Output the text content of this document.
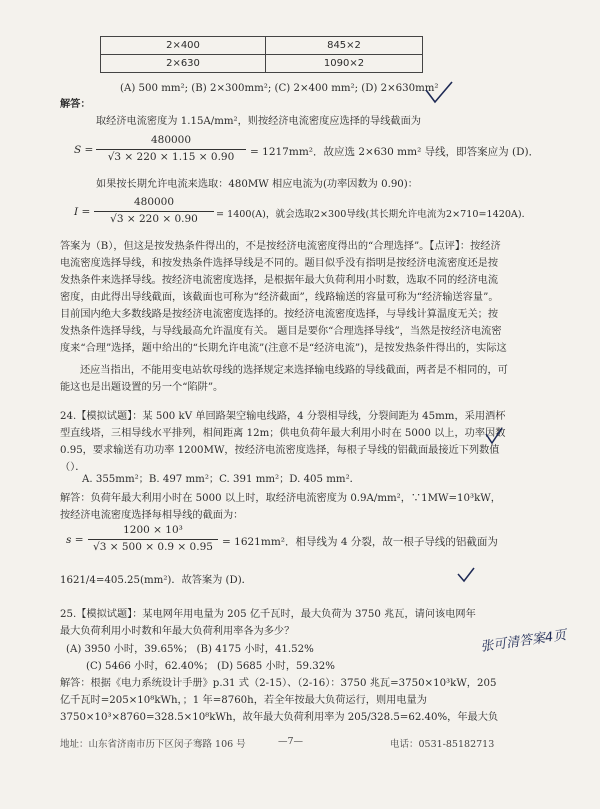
2×400	845×2
2×630	1090×2
(A) 500 mm²; (B) 2×300mm²; (C) 2×400 mm²; (D) 2×630mm²
解答：
取经济电流密度为 1.15A/mm²，则按经济电流密度应选择的导线截面为
S =
480000
√3 × 220 × 1.15 × 0.90	= 1217mm²．故应选 2×630 mm² 导线，即答案应为 (D)．
如果按长期允许电流来选取：480MW 相应电流为(功率因数为 0.90)：
I =
480000
√3 × 220 × 0.90	= 1400(A)，就会选取2×300导线(其长期允许电流为2×710=1420A)．
答案为（B），但这是按发热条件得出的，不是按经济电流密度得出的“合理选择”。【点评】：按经济电流密度选择导线，和按发热条件选择导线是不同的。题目似乎没有指明是按经济电流密度还是按发热条件来选择导线。按经济电流密度选择，是根据年最大负荷利用小时数，选取不同的经济电流密度，由此得出导线截面，该截面也可称为“经济截面”，线路输送的容量可称为“经济输送容量”。目前国内绝大多数线路是按经济电流密度选择的。按经济电流密度选择，与导线计算温度无关；按发热条件选择导线，与导线最高允许温度有关。 题目是要你“合理选择导线”，当然是按经济电流密度来“合理”选择，题中给出的“长期允许电流”(注意不是“经济电流”)，是按发热条件得出的，实际这
还应当指出，不能用变电站软母线的选择规定来选择输电线路的导线截面，两者是不相同的，可能这也是出题设置的另一个“陷阱”。
24.【模拟试题】：某 500 kV 单回路架空输电线路，4 分裂相导线，分裂间距为 45mm，采用酒杯型直线塔，三相导线水平排列，相间距离 12m；供电负荷年最大利用小时在 5000 以上，功率因数 0.95，要求输送有功功率 1200MW，按经济电流密度选择，每根子导线的铝截面最接近下列数值（）．
A. 355mm²；B. 497 mm²；C. 391 mm²；D. 405 mm²．
解答：负荷年最大利用小时在 5000 以上时，取经济电流密度为 0.9A/mm²，∵1MW=10³kW，按经济电流密度选择每相导线的截面为：
s =
1200 × 10³
√3 × 500 × 0.9 × 0.95 = 1621mm²．相导线为 4 分裂，故一根子导线的铝截面为
1621/4=405.25(mm²)．故答案为 (D)．
25.【模拟试题】：某电网年用电量为 205 亿千瓦时，最大负荷为 3750 兆瓦，请问该电网年最大负荷利用小时数和年最大负荷利用率各为多少？
(A) 3950 小时，39.65%； (B) 4175 小时，41.52%
(C) 5466 小时，62.40%； (D) 5685 小时，59.32%
张可清答案4页
解答：根据《电力系统设计手册》p.31 式（2-15）、（2-16）：3750 兆瓦=3750×10³kW，205 亿千瓦时=205×10⁸kWh，；1 年=8760h，若全年按最大负荷运行，则用电量为 3750×10³×8760=328.5×10⁸kWh，故年最大负荷利用率为 205/328.5=62.40%，年最大负
地址：山东省济南市历下区闵子骞路 106 号	—7—	电话：0531-85182713
